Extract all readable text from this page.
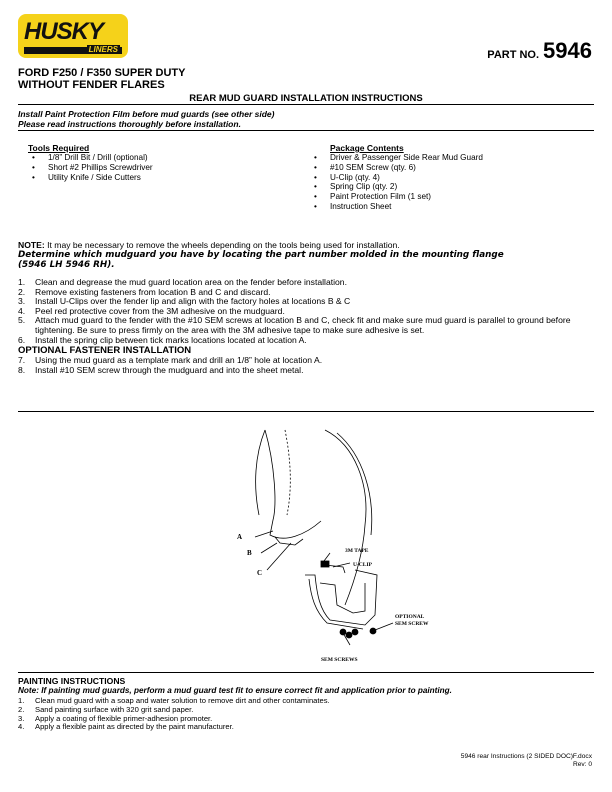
HUSKY
LINERS	PART NO. 5946
FORD F250 / F350 SUPER DUTY
WITHOUT FENDER FLARES
REAR MUD GUARD INSTALLATION INSTRUCTIONS
Install Paint Protection Film before mud guards (see other side)
Please read instructions thoroughly before installation.
Tools Required
• 1/8” Drill Bit / Drill (optional)
• Short #2 Phillips Screwdriver
• Utility Knife / Side Cutters
Package Contents
• Driver & Passenger Side Rear Mud Guard
• #10 SEM Screw (qty. 6)
• U-Clip (qty. 4)
• Spring Clip (qty. 2)
• Paint Protection Film (1 set)
• Instruction Sheet
NOTE: It may be necessary to remove the wheels depending on the tools being used for installation.
Determine which mudguard you have by locating the part number molded in the mounting flange
(5946 LH 5946 RH).
1. Clean and degrease the mud guard location area on the fender before installation.
2. Remove existing fasteners from location B and C and discard.
3. Install U-Clips over the fender lip and align with the factory holes at locations B & C
4. Peel red protective cover from the 3M adhesive on the mudguard.
5. Attach mud guard to the fender with the #10 SEM screws at location B and C, check fit and make sure mud guard is parallel to ground before tightening. Be sure to press firmly on the area with the 3M adhesive tape to make sure adhesive is set.
6. Install the spring clip between tick marks locations located at location A.
OPTIONAL FASTENER INSTALLATION
7. Using the mud guard as a template mark and drill an 1/8” hole at location A.
8. Install #10 SEM screw through the mudguard and into the sheet metal.
A
B
C
3M TAPE
U-CLIP
OPTIONAL
SEM SCREW
SEM SCREWS
PAINTING INSTRUCTIONS
Note: If painting mud guards, perform a mud guard test fit to ensure correct fit and application prior to painting.
1. Clean mud guard with a soap and water solution to remove dirt and other contaminates.
2. Sand painting surface with 320 grit sand paper.
3. Apply a coating of flexible primer-adhesion promoter.
4. Apply a flexible paint as directed by the paint manufacturer.
5946 rear Instructions (2 SIDED DOC)F.docx
Rev: 0
